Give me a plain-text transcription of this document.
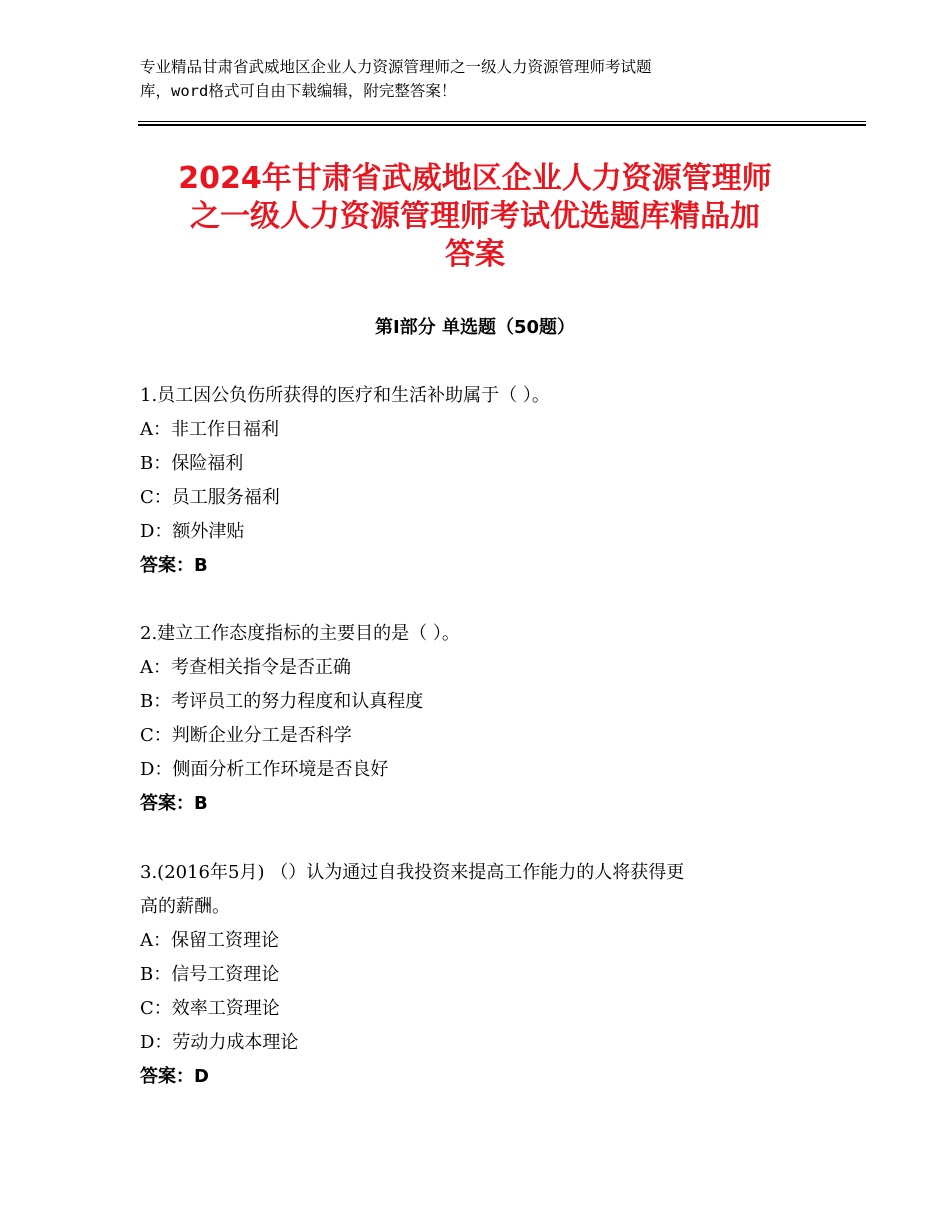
专业精品甘肃省武威地区企业人力资源管理师之一级人力资源管理师考试题
库，word格式可自由下载编辑，附完整答案！
2024年甘肃省武威地区企业人力资源管理师
之一级人力资源管理师考试优选题库精品加
答案
第Ⅰ部分 单选题（50题）
1.员工因公负伤所获得的医疗和生活补助属于（ ）。
A：非工作日福利
B：保险福利
C：员工服务福利
D：额外津贴
答案：B
2.建立工作态度指标的主要目的是（ ）。
A：考查相关指令是否正确
B：考评员工的努力程度和认真程度
C：判断企业分工是否科学
D：侧面分析工作环境是否良好
答案：B
3.(2016年5月) （）认为通过自我投资来提高工作能力的人将获得更
高的薪酬。
A：保留工资理论
B：信号工资理论
C：效率工资理论
D：劳动力成本理论
答案：D
